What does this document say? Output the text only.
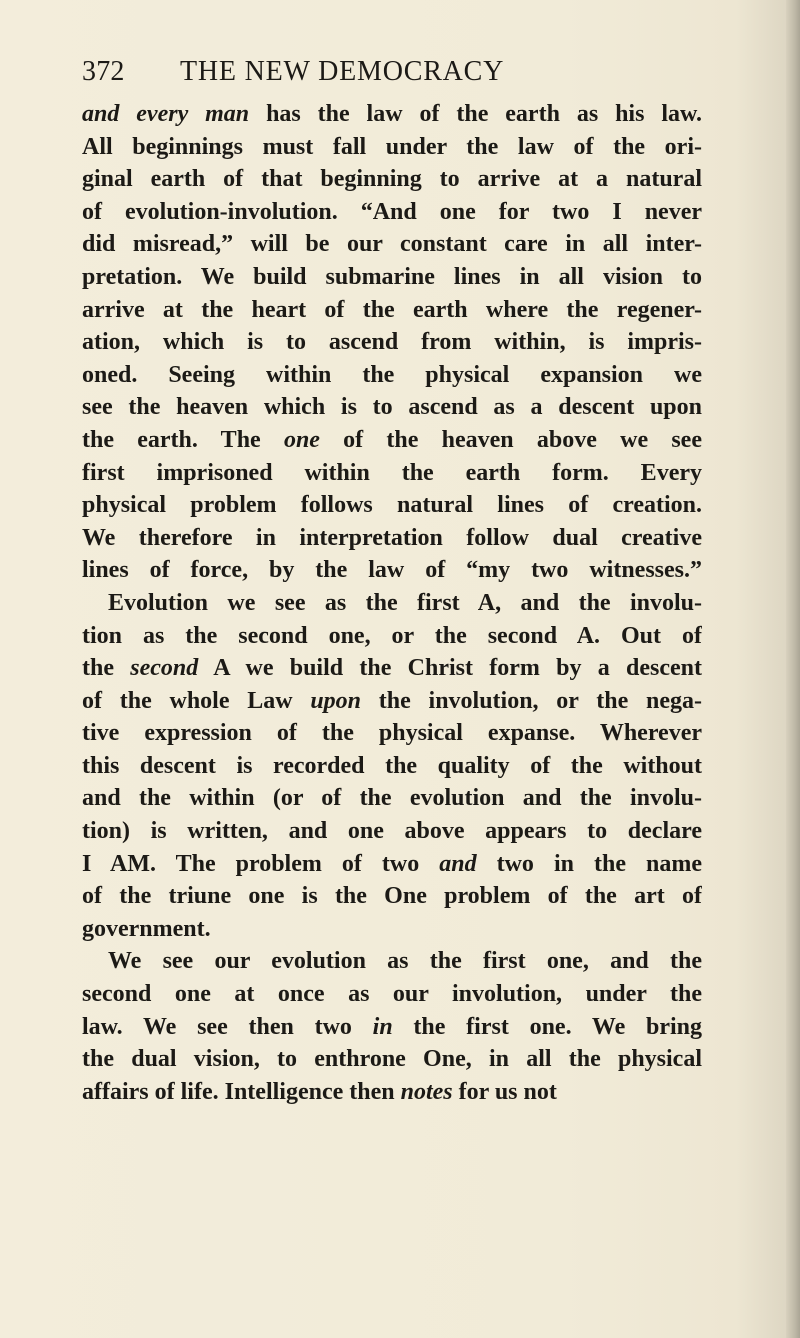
372	THE NEW DEMOCRACY
and every man has the law of the earth as his law.
All beginnings must fall under the law of the ori-
ginal earth of that beginning to arrive at a natural
of evolution-involution. “And one for two I never
did misread,” will be our constant care in all inter-
pretation. We build submarine lines in all vision to
arrive at the heart of the earth where the regener-
ation, which is to ascend from within, is impris-
oned. Seeing within the physical expansion we
see the heaven which is to ascend as a descent upon
the earth. The one of the heaven above we see
first imprisoned within the earth form. Every
physical problem follows natural lines of creation.
We therefore in interpretation follow dual creative
lines of force, by the law of “my two witnesses.”
Evolution we see as the first A, and the involu-
tion as the second one, or the second A. Out of
the second A we build the Christ form by a descent
of the whole Law upon the involution, or the nega-
tive expression of the physical expanse. Wherever
this descent is recorded the quality of the without
and the within (or of the evolution and the involu-
tion) is written, and one above appears to declare
I AM. The problem of two and two in the name
of the triune one is the One problem of the art of
government.
We see our evolution as the first one, and the
second one at once as our involution, under the
law. We see then two in the first one. We bring
the dual vision, to enthrone One, in all the physical
affairs of life. Intelligence then notes for us not
